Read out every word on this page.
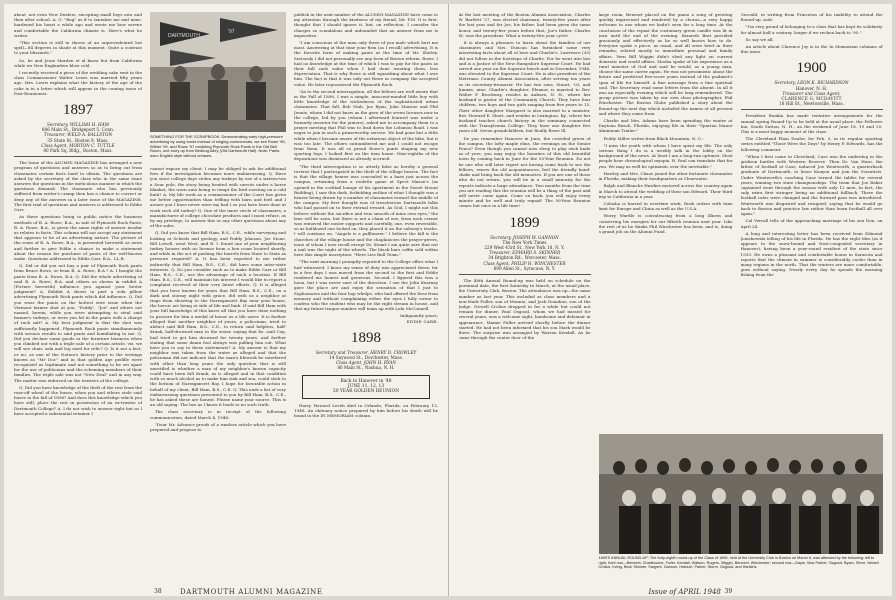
about, not even New Dealers, excepting small boys now and then after school. A. G. "Bug" as if to tantalize me and mine, hardened his heart a while ago and wrote me how serene and comfortable the California climate is. Here's what he writes:

"This section is still in throes of an unprecedented hot spell—84 degrees in shade at this moment. Quite a contrast to your blizzards."

So, he and Jesse Marden et al know but from California while we New Englanders blow cold.

I recently received a piece of the wedding cake sent in the class Commissioner Walter Lewis was married fifty years ago. Mrs. Lewis explains what the history of the age of the cake is in a letter which will appear in the coming issue of Post-Reunionist.

1897
Secretary, WILLIAM H. HAM
886 Main St., Bridgeport 5, Conn.
Treasurer, WELD A. RALLSTON
35 State St., Boston 9, Mass.
Class Agent, MORTON C. TUTTLE
80 Park Sq. Bldg., Boston, Mass.

The Issue of the ALUMNI MAGAZINE has arranged a new program of questions and answers so as to bring out from classmates certain facts hard to obtain. The questions are asked by the secretary of the class who in the same issue answers the questions in the meticulous manner in which the questions demand. The classmate who has previously suffered from writer's cramp then has a chance to correct or deny any of the answers in a later issue of the MAGAZINE. The first trial of questions and answers is addressed to Eddie Carr.

As these questions bring to public notice the business methods of B. A. Rowe, B.A., in sale of Plymouth Rock Pants, B. A. Rowe, B.A., is given the same rights of answer insofar as relates to facts. This column will not accept any statement that appears to be of an advertising nature. The picture of the room of B. A. Rowe, B.A., is presented herewith as news and further to give Eddie a chance to make a statement about the reason for purchase of pants of the well-known make. Questions addressed to Eddie Carr, B.A., LL.B.

Q. Did or did you not buy a pair of Plymouth Rock pants from Bruce Rowe, or from B. A. Rowe, B.A.? A. I bought the pants from B. A. Rowe, B.A. Q. Did the whole advertising of said B. A. Rowe, B.A. and others as shown in exhibit A (Picture herewith) influence you against your better judgment? A. Exhibit A shows in part a sofa pillow advertising Plymouth Rock pants which did influence. Q. Did you wear the pants on the hottest wire issue when the Vermont farmer shot at you, "Poddy", "Joe" and others not named, herein, while you were attempting to steal said farmer's turkeys, or were you hit in the pants with a charge of rock salt? A. My best judgment is that the shot was sufficiently happened. Plymouth Rock pants simultaneously with serious results to said pants and humiliating to me. Q. Did you declare some goods in the furniture business when you climbed out with a triple sale of a certain article, viz. we will see chair, sofa and leg used for relic? Q. Is it not a fact, or no, as one of the Nation's history prior to the writings known as "Mr Doc" and in that golden age peddle were recognized as legitimate and not something to be set apart for the use of politicians and the scheming members of their families. The triple sale was not "New Deal" and in any way. The matter was enforced on the trustees of the college.

Q. Did you have knowledge of the theft of the rest from the rear-off wheel of the buses, when you and others stole said buses in the fall of 1896? And does this knowledge which you have still, place the rest in possession of an ex-trustee of Dartmouth College? A. I do not wish to answer right but as I have accepted a substantial retainer I

DARTMOUTH
'97
SOMETHING FOR THE SCRAPBOOK: Demonstrating early high-pressure advertising by using funds instead of singing commercials, we see Rowe '96, Wilder '99, and Rowe '97 modeling Plymouth Rock Pants in the Old Bell Room, one story up from Bedbug Alley (Old Dartmouth Hall). Note: Pants worn English style without creases.

cannot expose my client. I may be obliged to ask for additional fees if the investigation becomes more embarrassing. Q. Have you since college days stolen any turkeys by use of a sixteen-ton a Sour pole, the story being bruited with carrots under a horse blanket, the worn auto being to tempt the bird roosting on a cold limb? A. My life work as a commissioner of the Court has given me better opportunities than trifling with barn and fowl and I assure you I have never wore my bad I so you have been done at work such old turkey? Q. One of the inner circle of classmates, a manufacturer of college chocolate products and I must refuse, as by my privilege, to answer this or any other questions about any of the sales.

Q. Did you know that Bill Ham, B.S., C.E., while surveying and looking at Scheels and geology, and Poddy Johnson, Joe Stone, Bill Lowell, went West, and R. I. found one of your neighboring turkey houses with no license from a hen room located shortly, and while in the act of pushing the barrels from State to State as pressure required? A. It has been reported to me rather indirectly that Bill Ham, B.S., C.E., did have some inter-state interests. Q. Do you consider such as to make Eddie Carr or Bill Ham, B.S., C.E., use the advantage of such a location. If Bill Ham, B.S., C.E., will maintain his interest I would like to report a complaint received of their very latest efforts. Q. It is alleged that you have known for years that Bill Ham, B.S., C.E., on a dark and stormy night with grace, did with us a neighbor at rings from shooting to the Narragansett Bay near your house, the heroic act being at side of life and limb. If said Bill Ham with your full knowledge of this knew all that you have done nothing to procure for him a medal of honor as a life saver. It is further alleged that another neighbor of yours, a policeman, tried to abduct said Bill Ham, B.S., C.E., to return said helpless, half-drunk, half-drowned man to the water, saying that he, said Cop, had tried to get him drowned for twenty years, and further stating that some damn fool always was pulling him out. What have you to say to these statements? A. My answer is that my neighbor was taken from the water as alleged and that the policeman did not indicate that the man's lifework be interfered with other than long years the only question that is still unsettled is whether a man of my neighbor's known capacity could have been full drunk, as is alleged and in that condition with so much alcohol as to make him sink and sea, could stick to the bottom of Narragansett Bay. I hope for favorable action in behalf of my client, Bill Ham, B.S., C.E. Q. This ends a list of very embarrassing questions presented to you by Bill Ham, B.S., C.E., he has asked these are honest. Please name your source. This is an old saying. The law as I know it leads to no such truth.

The class secretary is in receipt of the following communication, dated March 4, 1948:

"Dear Mr. Advance proofs of a rumless article which you have prepared and propose to

publish in the next number of the ALUMNI MAGAZINE have come to my attention through the kindness of my friend, Mr. P.M. It is first, thought that I should ignore it, but, on reflection, I consider the charges so scandalous and unfounded that an answer from me is imperative.

"I am conscious of the man only three of you male which hurt me most. Answering at that time your firm (as I recall) advertising. It is the favorite form of making pants at the time of Mr. Shirley. Seriously I did not personally see any form of Boston reform. Rowe, I had no knowledge at the time of which I was to pay for the pants as their full cash value when I had done wearing them, less depreciation. That is why Rowe is still squawking about what I owe him. The fact is that it was only out Rowe in company the accepted value. He later repossessed the Plymouth Rock.

"As to the second interrogation, all the fellows are well aware that in the Fall of 1896, I was a simple, innocent-minded little boy with little knowledge of the wickedness of the sophisticated urban classmates. That fall, Bob Stub, Joe Ryan, John Munroe and Phil Jennie, whom I did not know as the gave of the seven licenses now in the college, led by you (whom I afterward learned was under a formerly inventor for the juniors), asked me to accompany them to a prayer meeting that Phil was to lead down the Lebanon Road. I was eager to join in such a praiseworthy service. We had gone but a little while when I became aware of the nefarious object of the hike, but it was too late. The others outnumbered me and I could not escape from them. It was all so proud Rowe's pants shaping my new sporting legs. I looked first on the item home. Nine-eighths of the depositions was dismissed as already accrued.

"The third interrogation is so utterly false as hereby a general reverse that I participated in the theft of the village hearse. The fact is that the village hearse was concealed in a barn just across the campus, returning from a roulette game at Spect Mason's (as opened in the cocktail lounge of his apartment in the Sweet Mount Building), I saw this dark, forbidding outline of what I thought was a hearse being drawn by a number of classmates toward the middle of the campus. My first thought was of treacherous Dartmouth folks who had passed on to their eternal reward. As God, I might not this believe without the sacrifice and true smooth of mine own eyes," the lane will be seen, but there is not a chain of one, from each corner was removed the nosier supports and carefully, one, even reversible, so as bulldozed one locked on, they placed it on the subway's tracks. I will continue on. "Angels is a pallbearer." I believe the fall is the churches of the village house and the chaplaincies the prayer-givers, none of whom I now recall except Dr. Stuart I am quite sure that not a nail was the night of the wheels. The black bars coffin sold within here this simple inscription: "Here Lies Bull Team."

"The next morning I promptly reported to the College office what I had witnessed. I know my sense of duty was appreciated these, for in a few days I was moved from the second to the first and Eddie rendered me honest and generous. Second, I figured this was a boon, but I was never sure of the direction. I see the John Kearney gave the place are and enjoy the sensation of that I just to Sophomores and the four hop whelps, who had offered the lives from memory and without complaining either the eyes I fully swear to confess who the student who may be the right stream in house, and that my future league number will team up with Lulu McConnell.

Indignantly yours,

EDDIE CARR.

1898
Secretary and Treasurer, HENRY D. CROWLEY
14 Saywood St., Dorchester, Mass.
Class Agent, JOHN H. RYAN
86 Main St., Nashua, N. H.
Back to Hanover in '48
JUNE 11, 12, 13
50 YEAR GOLDEN REUNION

Harry Howard Loveh died in Orlando, Florida, on February 13, 1948. An obituary notice prepared by him before his death will be found in the IN MEMORIAM column.

38	DARTMOUTH ALUMNI MAGAZINE

At the last meeting of the Boston Alumni Association, Charles W. Bartlett '27, was elected chairman, twenty-five years after the last year and for Joe, his father, had been given the same honor, and twenty-five years before that, Joe's father, Charles W., was the president. What a twenty-five year cycle!

It is always a pleasure to learn about the families of our classmates and Mrs. Duncan has furnished some very interesting facts about all of hers and Charlie's. Lawrence (35) did not follow in the footsteps of Charlie. For he went into law and is a Justice of the New Hampshire Supreme Court. He had served one year on the Superior bench and in December, 1946, was elevated to the Supreme Court. He is also president of the Merrimac County Alumni Association, after serving ten years as its secretary-treasurer. He has two sons, Stuart, '03, and Jimmie, nine. Charlie's daughter, Eleanor, is married to Rev. Walter P. Brockway, resides in Auburn, N. H., where her husband is pastor of the Community Church. They have four children, two boys and two girls ranging from five years to 15. Their other daughter Margaret is also married to a minister, Rev. Howard E. Short, and resides in Lexington, Ky., where her husband teaches church history in the seminary connected with the Transylvania College. They have one daughter five years old. Seven grandchildren, but Really Rowe Ill.

Do you remember Hanover in June, the crowded green of the campus, the lofty maple elms, the evenings on the Senior Fence? Even though you cannot now sleep to play stick knife as of yore, you may enjoy the beauties of this old beautiful town by coming back in June for the 50-Year Reunion. Do not be one who will later regret not having come back to see the fellows, renew the old acquaintances, feel the friendly hand-shake and bring back the old memories. If you are one of those who do not return, you will be in a small minority for the reports indicate a large attendance. Two months from the time you are reading this the reunion will be a thing of the past and will never come again. Come on back, you will enjoy every minute and be well and truly repaid! The 50-Year Reunion comes but once in a life time!

1899
Secretary, JOSEPH W. GANNON
The New York Times
229 West 43rd St., New York 18, N. Y.
Treasurer, EDWARD S. SKINNER
34 Brighton Rd., Worcester, Mass.
Class Agent, PHILIP H. WINCHESTER
699 Allen St., Syracuse, N. Y.

The 48th Annual Round-up was held on schedule on the perennial date, the first Saturday in March, at the usual place, the University Club, Boston. The attendance was up—the same number as last year. This included as class members and a non-Mark Fuller, son of Monnie, and Jack Donahue, son of the Judge. Newell Crolius dropped in for a while but could not remain for dinner. Paul Osgood, whom we had missed for several years, was a welcome sight, handsome and debonair in appearance. Mamie Fuller arrived shortly before the dinner started. He had not been informed that his son Mark would be there. The surprise was arranged by Warren Kendall. As he came through the center door of the

large room, Benezet placed on the piano a song of greeting quickly improvised and rendered by a chorus—a very happy welcome to one whom we hadn't seen for a long time. At the conclusion of the repast the customary green candle was lit in turn until the end of the evening. Kenneth Brat presided graciously and effectively as he so well knows how to do. Everyone spoke a piece, as usual, and all were brief in their remarks; related mostly to immediate personal and family affairs. Vern Bill Wiggin didn't shed any light on current domestic and world affairs. Mooba spoke of his experience as a rural minister of God and said he would, as a young man, choose the same career again. He was not pessimistic about the future and predicted five-score years instead of the psalmist's span of life for himself. A fine message from a fine spiritual soul. The Secretary read some letters from the absent. In all it was an especially evening which will be long remembered. The group picture was taken by our own class photographer, Phil Winchester. The Boston Globe published a story about the Round-up the next day which included the names of all present and where they came from.

Charlie and Mrs. Adams have been spending the winter at Daytona Beach, Florida, enjoying life in their "Sparton Manor Aluminum Trailer."

Peddy Miller writes from Black Mountain, N. C.:

"I miss the youth with whom I have spent my life. The only serious thing I do is a weekly talk in the lobby on the background of the news. At least I am a long-run optimist. Most people hear chronological myopia. R. Paul can translate that for you. We may as well be optimistic over the inevitable."

Hawley and Mrs. Chase joined the other fortunate classmates in Florida, making their headquarters at Clearwater.

Ralph and Blanche Hawkes motored across the country again in March to attend the wedding of their son Edward. Their third trip to California in a year.

Colusha is barred in overtime work. Rush orders with time limit for Europe and China as well as the U.S.A.

Worry Wardle is convalescing from a long illness and conserving his energies for our fiftieth reunion next year. Like the rest of us he thinks Phil Winchester has been, and is, doing a grand job on the Alumni Fund.

Gerould, in writing from Princeton of his inability to attend the Round-up, said:

"I'm very proud of belonging to a class that has kept its solidarity for almost half a century, longer if we reckon back to '95."

So say we all.

An article about Clarence Joy is in the In Memoriam columns of this issue.

1900
Secretary, LEON K. RICHARDSON
Hanover, N. H.
Treasurer and Class Agent,
CLARENCE G. MCDAVITT
18 Hill St., Newtonville, Mass.

President Bonkin has made tentative arrangements for the annual spring Round-Up to be held at the usual place, the Fellowes Inn, South Sutton, N. H., on the weekend of June 18, 19 and 20. This is a most happy moment of the class.

The Cleveland Plain Dealer, for Feb. 5, in its regular sporting series entitled "Those Were the Days" by Henry P. Edwards, has the following comment:

"When I first came to Cleveland, Case was the underdog in the gridiron battles with Western Reserve. Then Dr. Van Horn, the father of football at Case, induced Joe Wentworth, a quarterback graduate of Dartmouth, to leave Kenyon and join the Scientists. Under Wentworth's coaching Case turned the tables for several years, winning two state championships. The team that Joe Baker captained went through the season with only 12 men. In fact, the only extra first stringer being an additional fullback. There the football rules were changed and the forward pass was introduced. Wentworth was disgusted and resigned, saying that he would go back to Boston and practice law rather than learn football all over again."

Cal Verrall tells of the approaching marriage of his son Don, on April 24.

A long and interesting letter has been received from Edmund Jonishowski telling of his life in Florida. He has the eight tiles (as it appears to the snow-bound and frost-congealed secretary in Hanover), having been a year-round resident of the state since 1935. He owns a pleasant and comfortable house in Sarasota and reports that the climate in summer is considerably cooler than in many regions in the north. That the winters are more comfortable, goes without saying. Nearly every day he spends the morning fishing from the

1899'S ANNUAL ROUND-UP: The forty-eighth round-up of the Class of 1899, held at the University Club in Boston on March 6, was attended by the following: left to right, front row—Benezet, Chadbourne, Fuller, Kendall, Watson, Rogers, Wiggin, Benezet, Winchester; second row—Gapie, Mac Parker, Osgood, Byam, Silver, Newell Crolius, Irving, Beal, Skinner, Sargent, Gannon, Hobson, Parker, Storm, Osgood, and Hankins.
Issue of APRIL 1948 39
